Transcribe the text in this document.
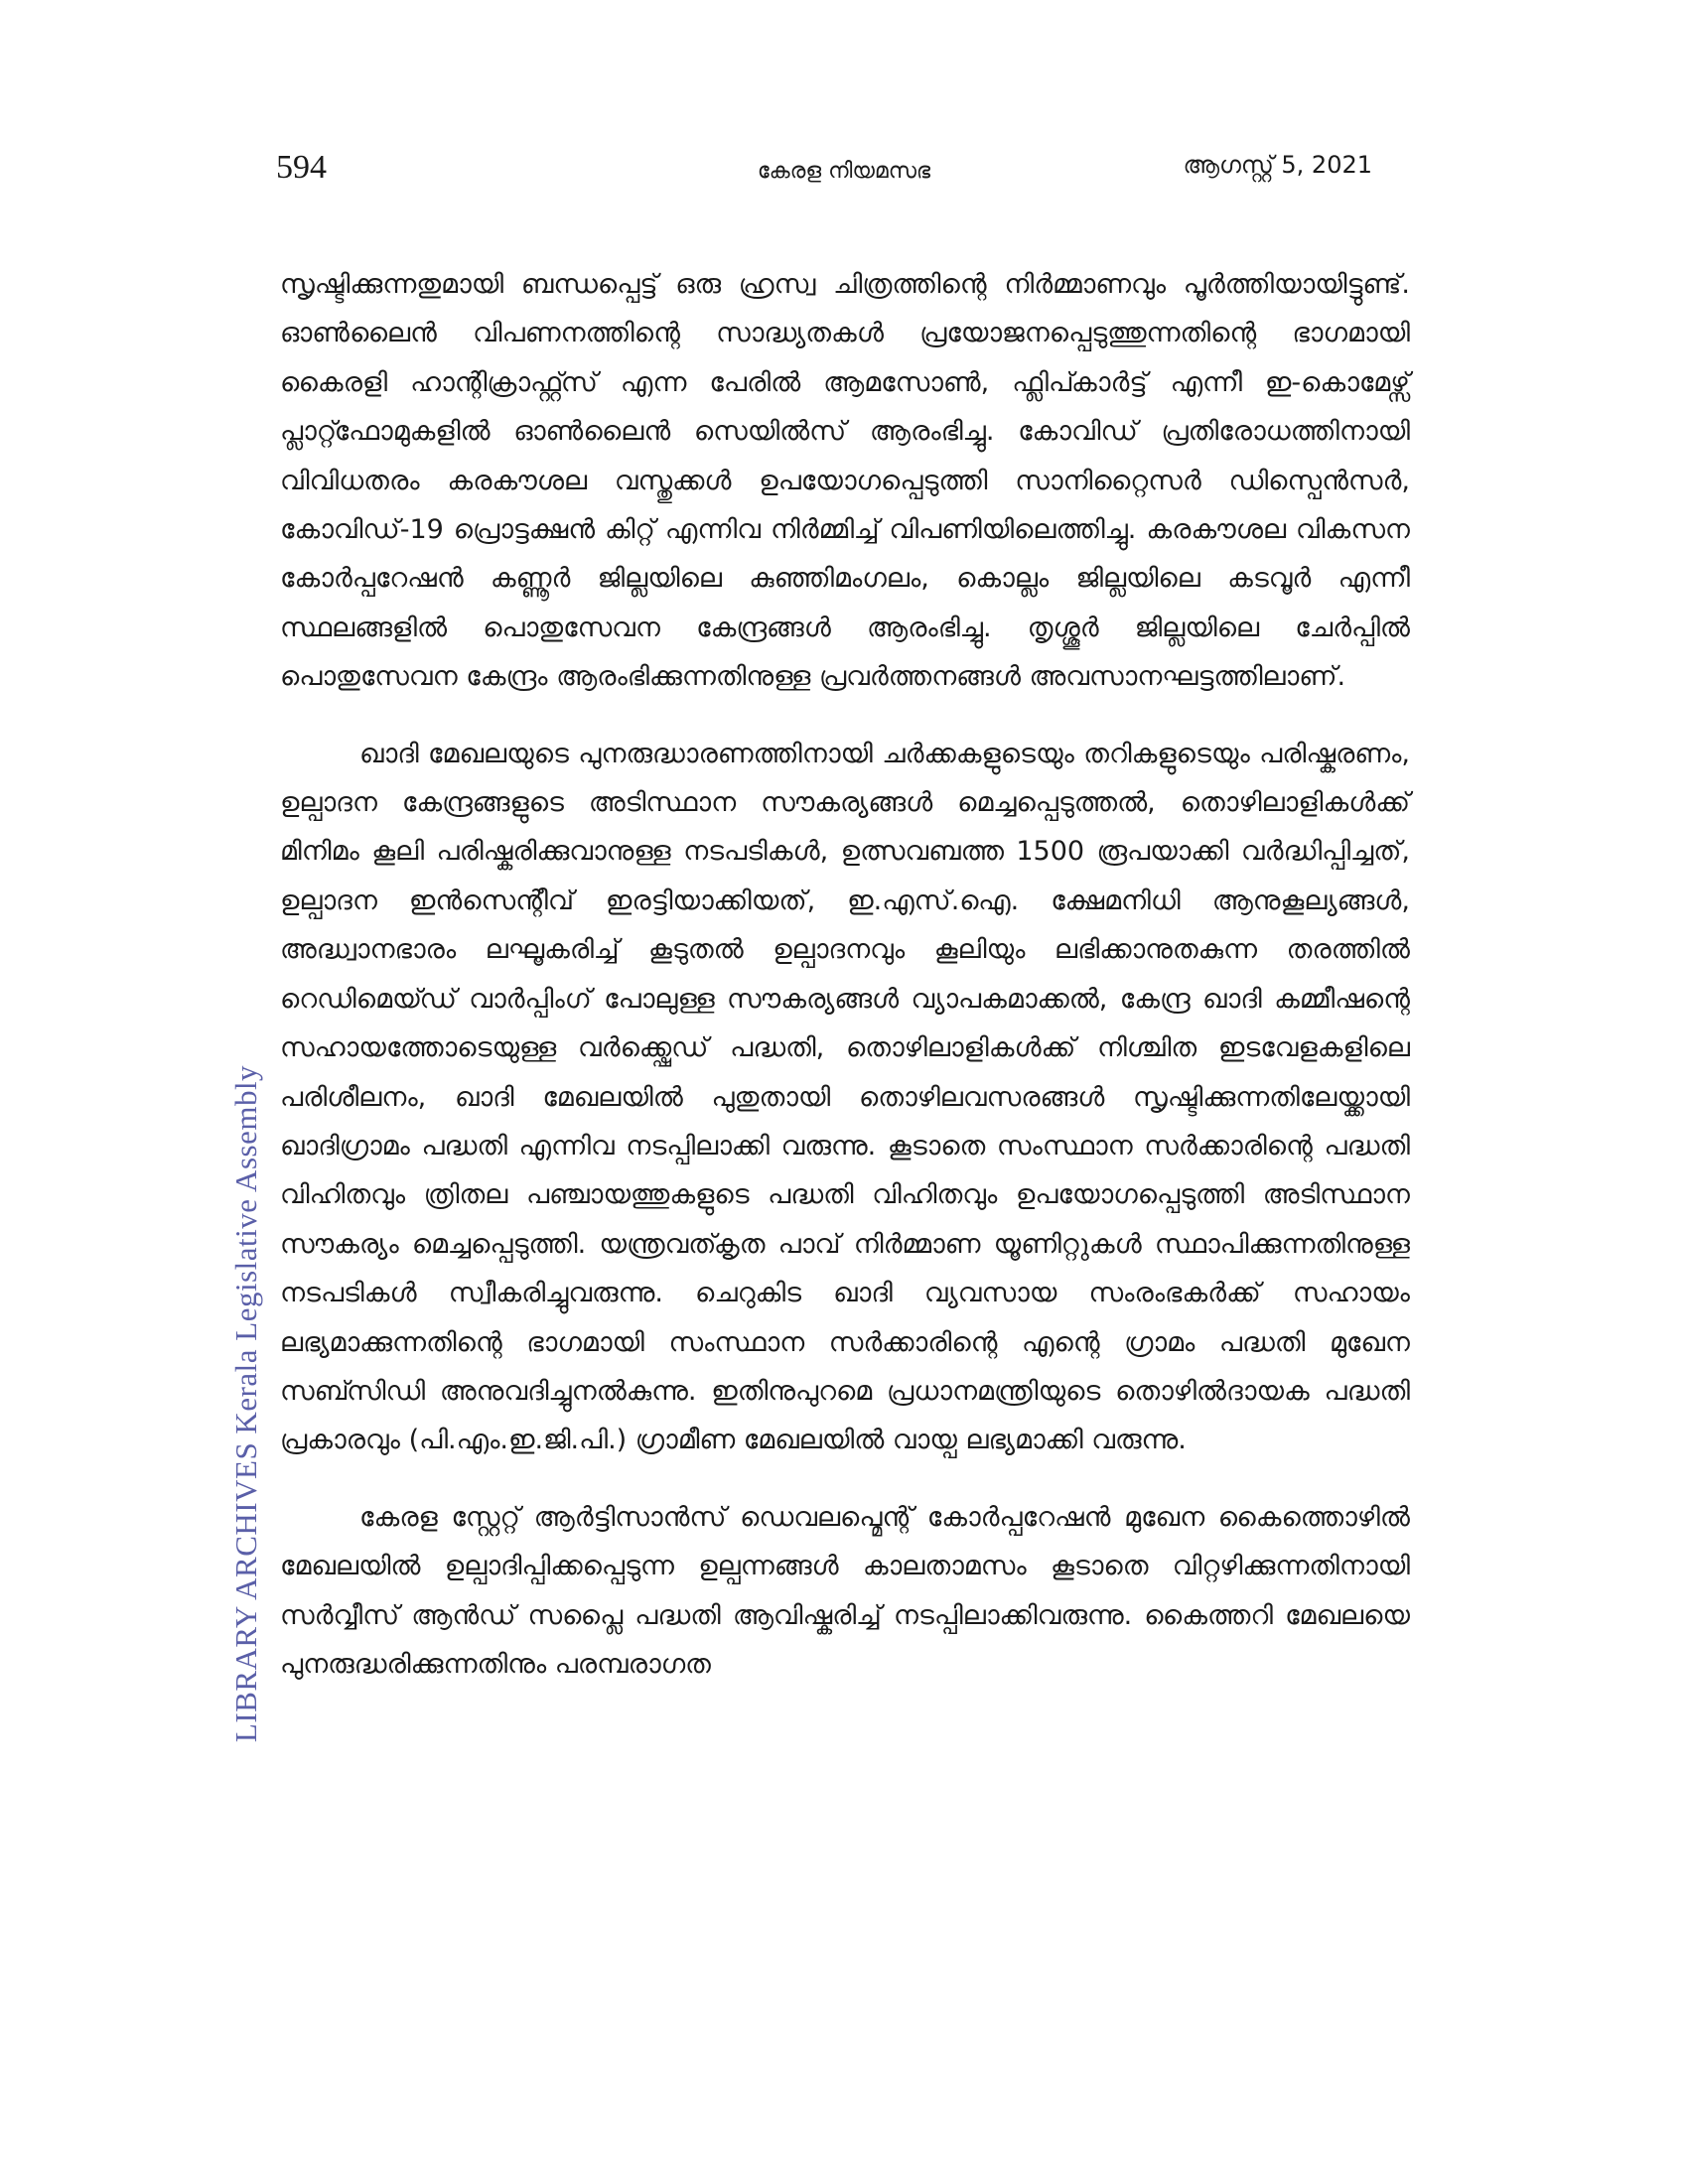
594	കേരള നിയമസഭ	ആഗസ്റ്റ് 5, 2021
LIBRARY ARCHIVES Kerala Legislative Assembly

സൃഷ്ടിക്കുന്നതുമായി ബന്ധപ്പെട്ട് ഒരു ഹ്രസ്വ ചിത്രത്തിന്റെ നിർമ്മാണവും പൂർത്തിയായിട്ടുണ്ട്. ഓൺലൈൻ വിപണനത്തിന്റെ സാദ്ധ്യതകൾ പ്രയോജനപ്പെടുത്തുന്നതിന്റെ ഭാഗമായി കൈരളി ഹാന്റിക്രാഫ്റ്റ്സ് എന്ന പേരിൽ ആമസോൺ, ഫ്ലിപ്കാർട്ട് എന്നീ ഇ-കൊമേഴ്സ് പ്ലാറ്റ്ഫോമുകളിൽ ഓൺലൈൻ സെയിൽസ് ആരംഭിച്ചു. കോവിഡ് പ്രതിരോധത്തിനായി വിവിധതരം കരകൗശല വസ്തുക്കൾ ഉപയോഗപ്പെടുത്തി സാനിറ്റൈസർ ഡിസ്പെൻസർ, കോവിഡ്-19 പ്രൊട്ടക്ഷൻ കിറ്റ് എന്നിവ നിർമ്മിച്ച് വിപണിയിലെത്തിച്ചു. കരകൗശല വികസന കോർപ്പറേഷൻ കണ്ണൂർ ജില്ലയിലെ കുഞ്ഞിമംഗലം, കൊല്ലം ജില്ലയിലെ കടവൂർ എന്നീ സ്ഥലങ്ങളിൽ പൊതുസേവന കേന്ദ്രങ്ങൾ ആരംഭിച്ചു. തൃശ്ശൂർ ജില്ലയിലെ ചേർപ്പിൽ പൊതുസേവന കേന്ദ്രം ആരംഭിക്കുന്നതിനുള്ള പ്രവർത്തനങ്ങൾ അവസാനഘട്ടത്തിലാണ്.

ഖാദി മേഖലയുടെ പുനരുദ്ധാരണത്തിനായി ചർക്കകളുടെയും തറികളുടെയും പരിഷ്കരണം, ഉല്പാദന കേന്ദ്രങ്ങളുടെ അടിസ്ഥാന സൗകര്യങ്ങൾ മെച്ചപ്പെടുത്തൽ, തൊഴിലാളികൾക്ക് മിനിമം കൂലി പരിഷ്കരിക്കുവാനുള്ള നടപടികൾ, ഉത്സവബത്ത 1500 രൂപയാക്കി വർദ്ധിപ്പിച്ചത്, ഉല്പാദന ഇൻസെന്റീവ് ഇരട്ടിയാക്കിയത്, ഇ.എസ്.ഐ. ക്ഷേമനിധി ആനുകൂല്യങ്ങൾ, അദ്ധ്വാനഭാരം ലഘൂകരിച്ച് കൂടുതൽ ഉല്പാദനവും കൂലിയും ലഭിക്കാനുതകുന്ന തരത്തിൽ റെഡിമെയ്ഡ് വാർപ്പിംഗ് പോലുള്ള സൗകര്യങ്ങൾ വ്യാപകമാക്കൽ, കേന്ദ്ര ഖാദി കമ്മീഷന്റെ സഹായത്തോടെയുള്ള വർക്ക്ഷെഡ് പദ്ധതി, തൊഴിലാളികൾക്ക് നിശ്ചിത ഇടവേളകളിലെ പരിശീലനം, ഖാദി മേഖലയിൽ പുതുതായി തൊഴിലവസരങ്ങൾ സൃഷ്ടിക്കുന്നതിലേയ്ക്കായി ഖാദിഗ്രാമം പദ്ധതി എന്നിവ നടപ്പിലാക്കി വരുന്നു. കൂടാതെ സംസ്ഥാന സർക്കാരിന്റെ പദ്ധതി വിഹിതവും ത്രിതല പഞ്ചായത്തുകളുടെ പദ്ധതി വിഹിതവും ഉപയോഗപ്പെടുത്തി അടിസ്ഥാന സൗകര്യം മെച്ചപ്പെടുത്തി. യന്ത്രവത്കൃത പാവ് നിർമ്മാണ യൂണിറ്റുകൾ സ്ഥാപിക്കുന്നതിനുള്ള നടപടികൾ സ്വീകരിച്ചുവരുന്നു. ചെറുകിട ഖാദി വ്യവസായ സംരംഭകർക്ക് സഹായം ലഭ്യമാക്കുന്നതിന്റെ ഭാഗമായി സംസ്ഥാന സർക്കാരിന്റെ എന്റെ ഗ്രാമം പദ്ധതി മുഖേന സബ്സിഡി അനുവദിച്ചുനൽകുന്നു. ഇതിനുപുറമെ പ്രധാനമന്ത്രിയുടെ തൊഴിൽദായക പദ്ധതി പ്രകാരവും (പി.എം.ഇ.ജി.പി.) ഗ്രാമീണ മേഖലയിൽ വായ്പ ലഭ്യമാക്കി വരുന്നു.

കേരള സ്റ്റേറ്റ് ആർട്ടിസാൻസ് ഡെവലപ്മെന്റ് കോർപ്പറേഷൻ മുഖേന കൈത്തൊഴിൽ മേഖലയിൽ ഉല്പാദിപ്പിക്കപ്പെടുന്ന ഉല്പന്നങ്ങൾ കാലതാമസം കൂടാതെ വിറ്റഴിക്കുന്നതിനായി സർവ്വീസ് ആൻഡ് സപ്ലൈ പദ്ധതി ആവിഷ്കരിച്ച് നടപ്പിലാക്കിവരുന്നു. കൈത്തറി മേഖലയെ പുനരുദ്ധരിക്കുന്നതിനും പരമ്പരാഗത
